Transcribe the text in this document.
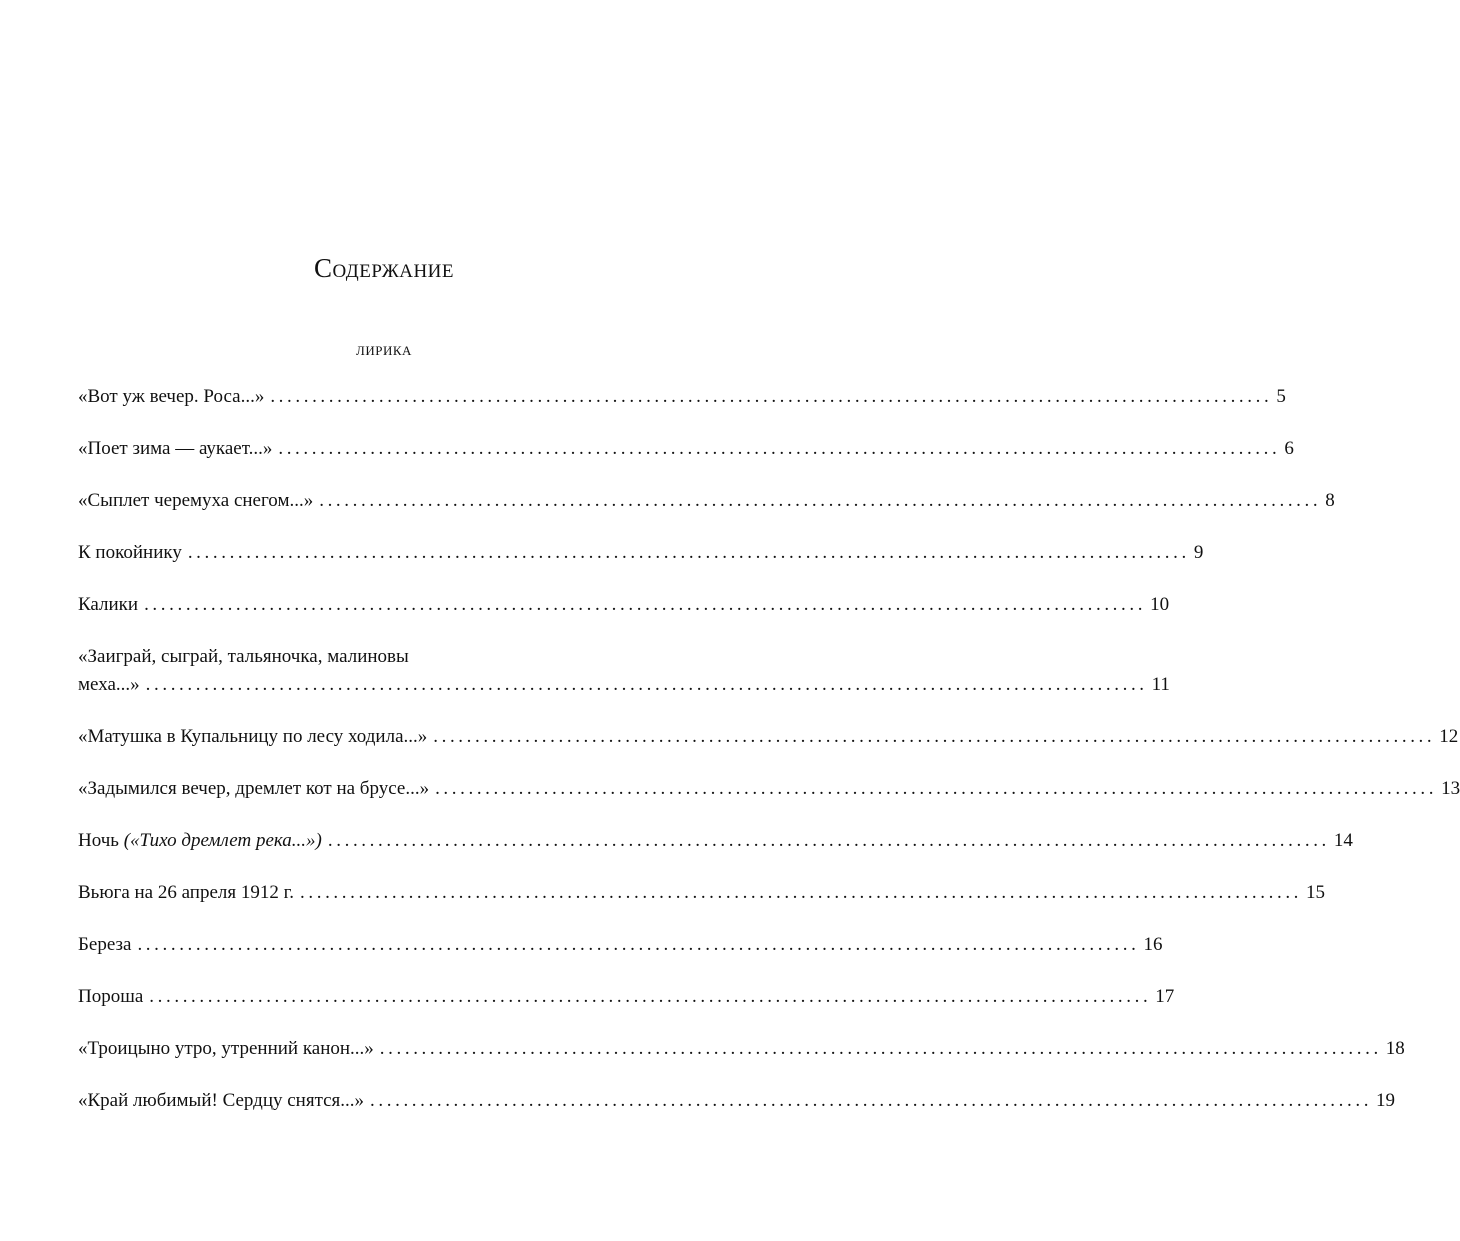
Содержание
лирика
«Вот уж вечер. Роса...» ........................................................................................................................ 5
«Поет зима — аукает...» ........................................................................................................................ 6
«Сыплет черемуха снегом...» ........................................................................................................................ 8
К покойнику ........................................................................................................................ 9
Калики ........................................................................................................................ 10
«Заиграй, сыграй, тальяночка, малиновы
меха...» ........................................................................................................................ 11
«Матушка в Купальницу по лесу ходила...» ........................................................................................................................ 12
«Задымился вечер, дремлет кот на брусе...» ........................................................................................................................ 13
Ночь («Тихо дремлет река...») ........................................................................................................................ 14
Вьюга на 26 апреля 1912 г. ........................................................................................................................ 15
Береза ........................................................................................................................ 16
Пороша ........................................................................................................................ 17
«Троицыно утро, утренний канон...» ........................................................................................................................ 18
«Край любимый! Сердцу снятся...» ........................................................................................................................ 19
